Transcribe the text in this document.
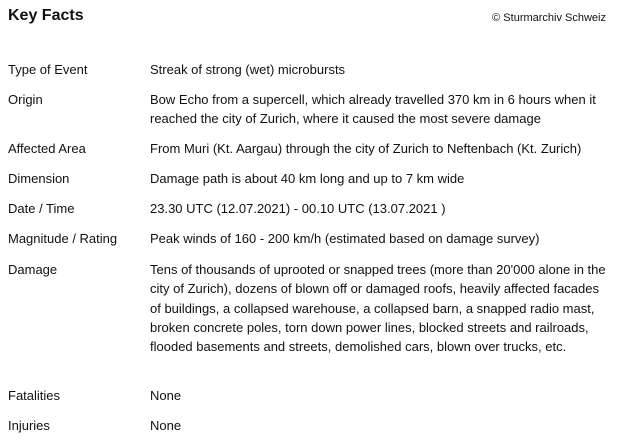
Key Facts	© Sturmarchiv Schweiz
Type of Event	Streak of strong (wet) microbursts
Origin	Bow Echo from a supercell, which already travelled 370 km in 6 hours when it reached the city of Zurich, where it caused the most severe damage
Affected Area	From Muri (Kt. Aargau) through the city of Zurich to Neftenbach (Kt. Zurich)
Dimension	Damage path is about 40 km long and up to 7 km wide
Date / Time	23.30 UTC (12.07.2021) - 00.10 UTC (13.07.2021 )
Magnitude / Rating	Peak winds of 160 - 200 km/h (estimated based on damage survey)
Damage	Tens of thousands of uprooted or snapped trees (more than 20'000 alone in the city of Zurich), dozens of blown off or damaged roofs, heavily affected facades of buildings, a collapsed warehouse, a collapsed barn, a snapped radio mast, broken concrete poles, torn down power lines, blocked streets and railroads, flooded basements and streets, demolished cars, blown over trucks, etc.
Fatalities	None
Injuries	None
